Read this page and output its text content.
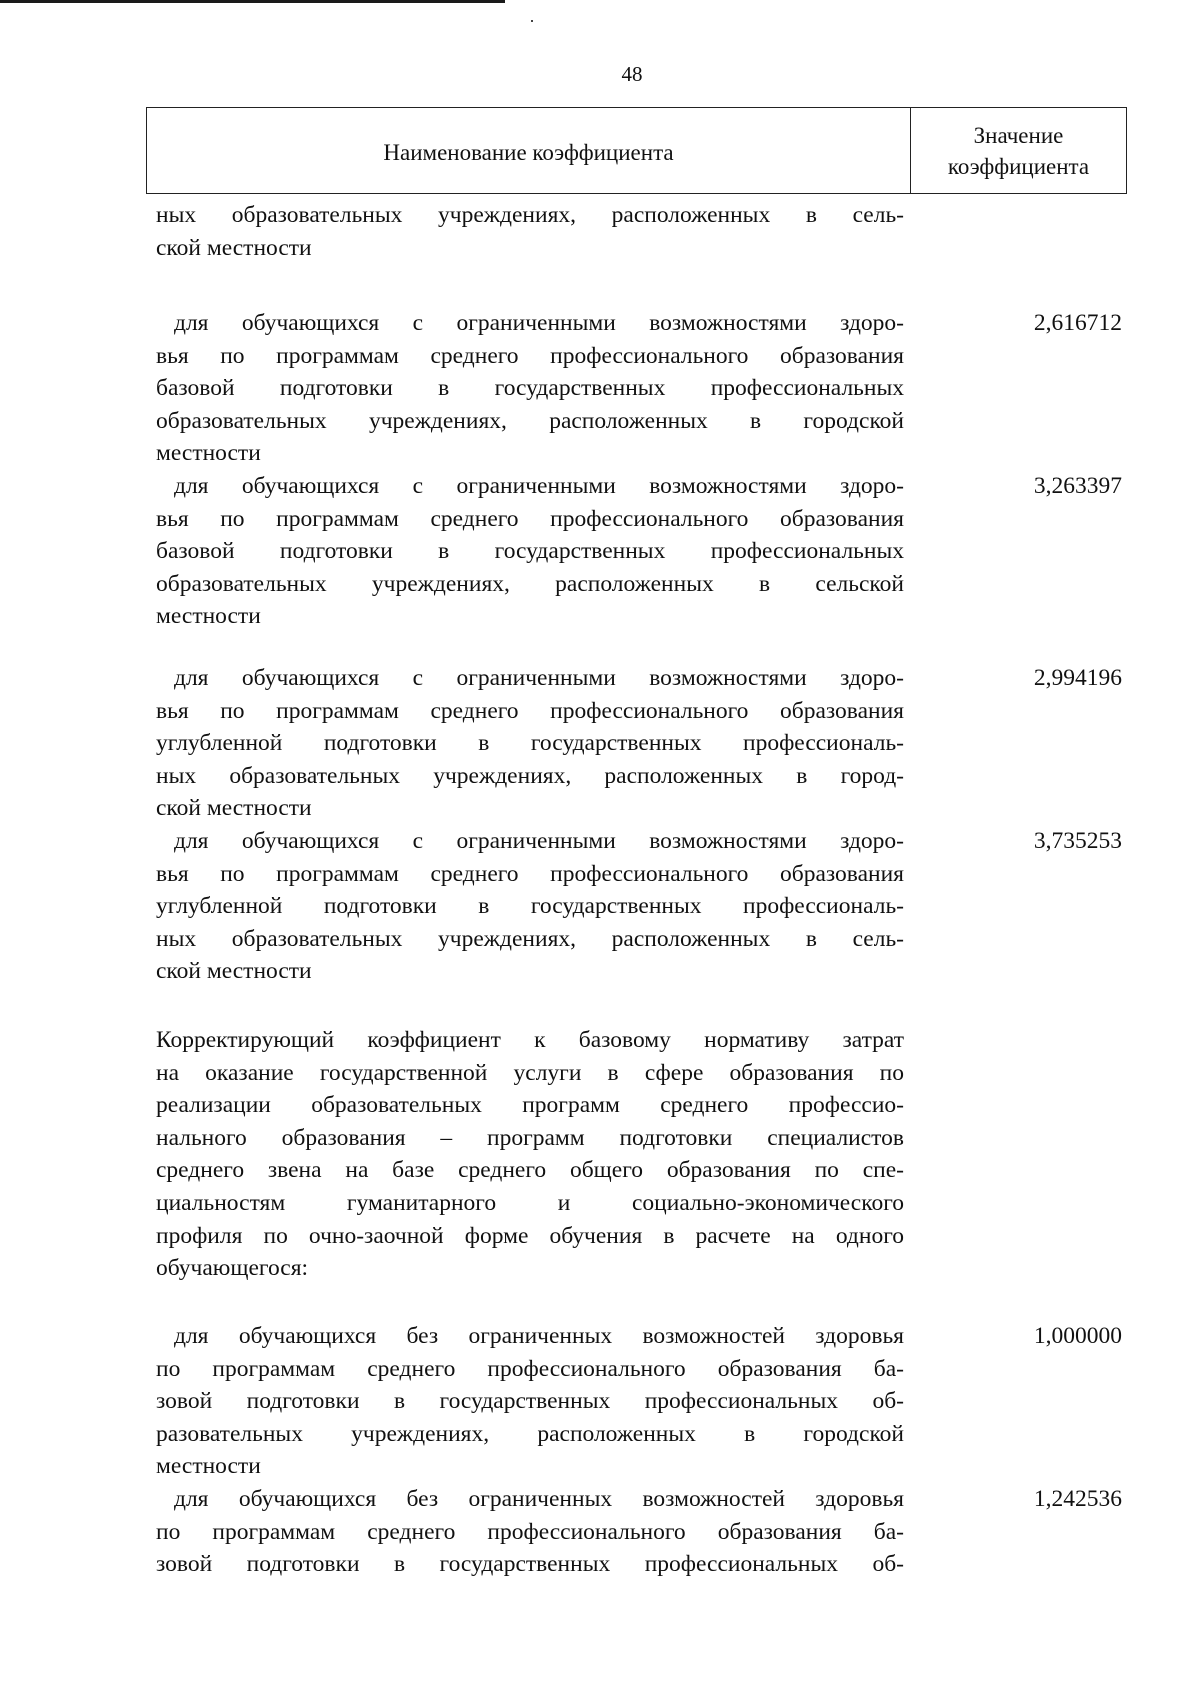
48
Наименование коэффициента
Значение
коэффициента
ных образовательных учреждениях, расположенных в сель-
ской местности
для обучающихся с ограниченными возможностями здоро-
вья по программам среднего профессионального образования
базовой подготовки в государственных профессиональных
образовательных учреждениях, расположенных в городской
местности
2,616712
для обучающихся с ограниченными возможностями здоро-
вья по программам среднего профессионального образования
базовой подготовки в государственных профессиональных
образовательных учреждениях, расположенных в сельской
местности
3,263397
для обучающихся с ограниченными возможностями здоро-
вья по программам среднего профессионального образования
углубленной подготовки в государственных профессиональ-
ных образовательных учреждениях, расположенных в город-
ской местности
2,994196
для обучающихся с ограниченными возможностями здоро-
вья по программам среднего профессионального образования
углубленной подготовки в государственных профессиональ-
ных образовательных учреждениях, расположенных в сель-
ской местности
3,735253
Корректирующий коэффициент к базовому нормативу затрат
на оказание государственной услуги в сфере образования по
реализации образовательных программ среднего профессио-
нального образования – программ подготовки специалистов
среднего звена на базе среднего общего образования по спе-
циальностям гуманитарного и социально-экономического
профиля по очно-заочной форме обучения в расчете на одного
обучающегося:
для обучающихся без ограниченных возможностей здоровья
по программам среднего профессионального образования ба-
зовой подготовки в государственных профессиональных об-
разовательных учреждениях, расположенных в городской
местности
1,000000
для обучающихся без ограниченных возможностей здоровья
по программам среднего профессионального образования ба-
зовой подготовки в государственных профессиональных об-
1,242536
